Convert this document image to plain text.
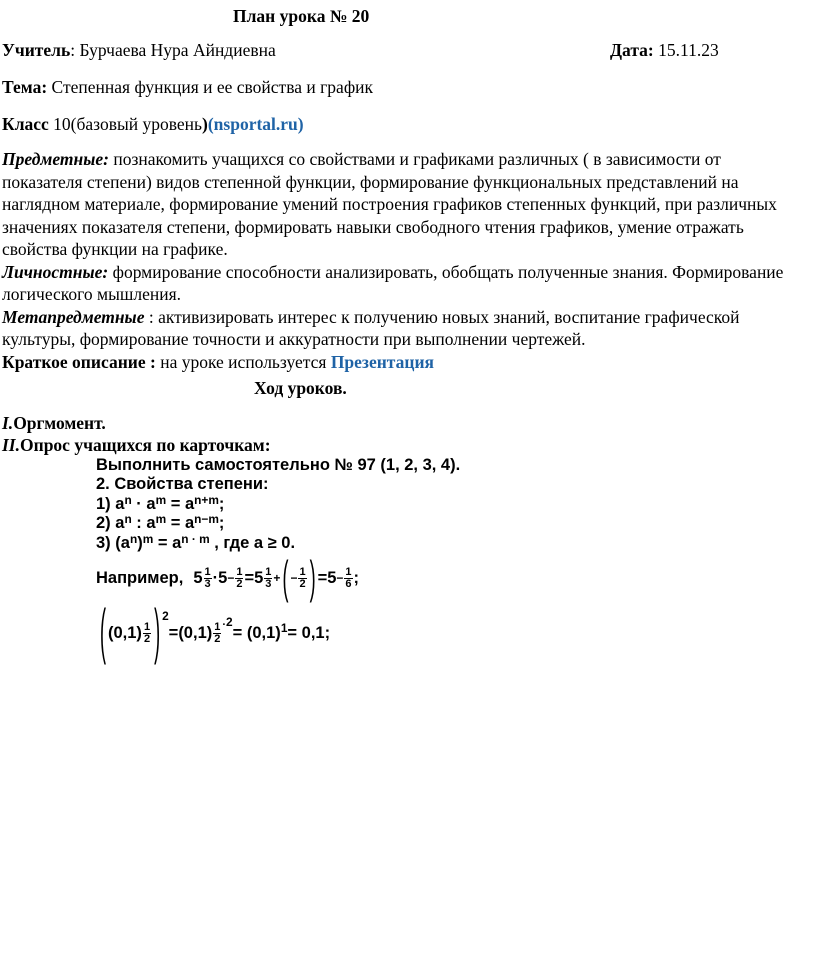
План урока № 20
Учитель: Бурчаева Нура Айндиевна	Дата: 15.11.23
Тема: Степенная функция и ее свойства и график
Класс 10(базовый уровень)(nsportal.ru)

Предметные: познакомить учащихся со свойствами и графиками различных ( в зависимости от показателя степени) видов степенной функции, формирование функциональных представлений на наглядном материале, формирование умений построения графиков степенных функций, при различных значениях показателя степени, формировать навыки свободного чтения графиков, умение отражать свойства функции на графике.

Личностные: формирование способности анализировать, обобщать полученные знания. Формирование логического мышления.

Метапредметные : активизировать интерес к получению новых знаний, воспитание графической культуры, формирование точности и аккуратности при выполнении чертежей.

Краткое описание : на уроке используется Презентация

Ход уроков.
I.Оргмомент.
II.Опрос учащихся по карточкам:
Выполнить самостоятельно № 97 (1, 2, 3, 4).
2. Свойства степени:
1) $a^n \cdot a^m = a^{n+m}$;
2) $a^n$ : $a^m = a^{n-m}$;
3) $(a^n)^m = a^{n \cdot m}$ , где a ≥ 0.
Например, $5 \frac{1}{3} \cdot 5 - \frac{1}{2} = 5 \frac{1}{3}$ + ( − $\frac{1}{2}$ ) = $5 - \frac{1}{6}$ ;
( $(0,1) \frac{1}{2}$ ) 2
= $(0,1) \frac{1}{2} \cdot 2$
= (0,1) 1 = 0,1;
